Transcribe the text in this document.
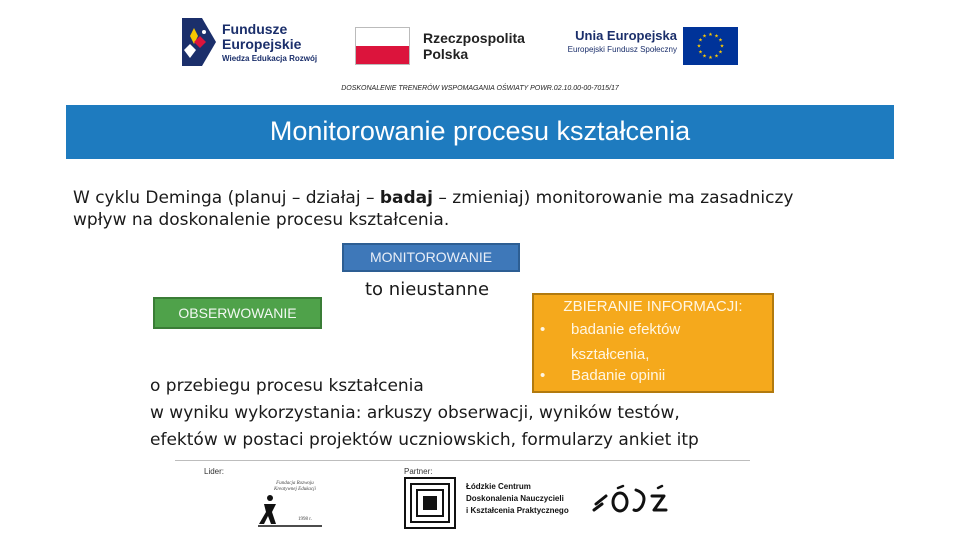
Fundusze
Europejskie
Wiedza Edukacja Rozwój
Rzeczpospolita
Polska
Unia Europejska
Europejski Fundusz Społeczny
★ ★
★
★
★
★
★
★
★
★
★
★
DOSKONALENIE TRENERÓW WSPOMAGANIA OŚWIATY POWR.02.10.00-00-7015/17
Monitorowanie procesu kształcenia
W cyklu Deminga (planuj – działaj – badaj – zmieniaj) monitorowanie ma zasadniczy wpływ na doskonalenie procesu kształcenia.
MONITOROWANIE
to nieustanne
OBSERWOWANIE	ZBIERANIE INFORMACJI:
• badanie efektów
kształcenia,
• Badanie opinii
o przebiegu procesu kształcenia
w wyniku wykorzystania: arkuszy obserwacji, wyników testów,
efektów w postaci projektów uczniowskich, formularzy ankiet itp
Lider:	Partner:
Fundacja Rozwoju Kreatywnej Edukacji
1998 r.
Łódzkie Centrum
Doskonalenia Nauczycieli
i Kształcenia Praktycznego
